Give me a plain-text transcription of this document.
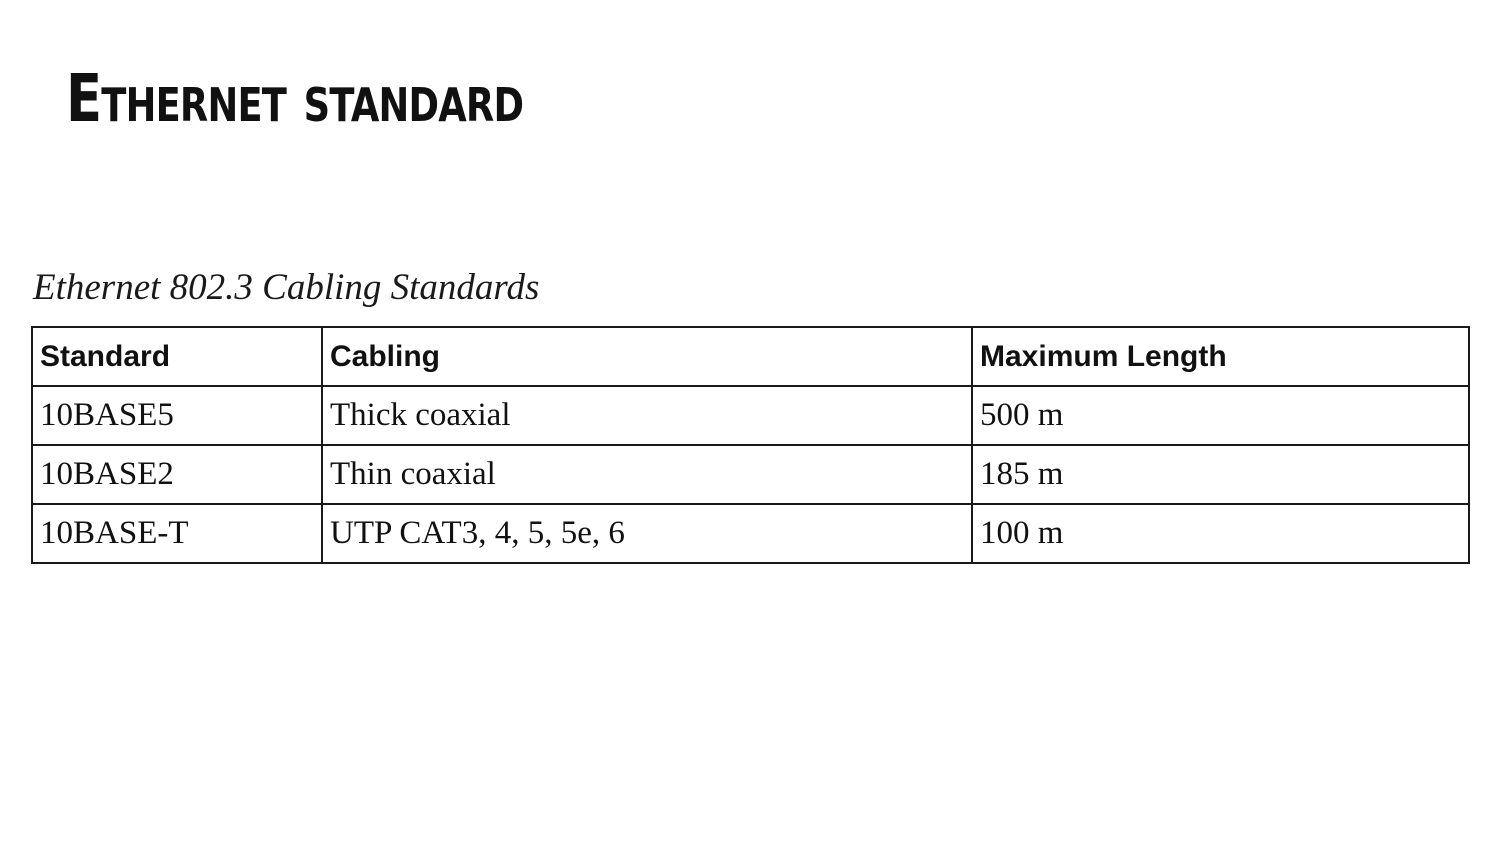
Ethernet standard
Ethernet 802.3 Cabling Standards
Standard	Cabling	Maximum Length
10BASE5	Thick coaxial	500 m
10BASE2	Thin coaxial	185 m
10BASE-T	UTP CAT3, 4, 5, 5e, 6	100 m
